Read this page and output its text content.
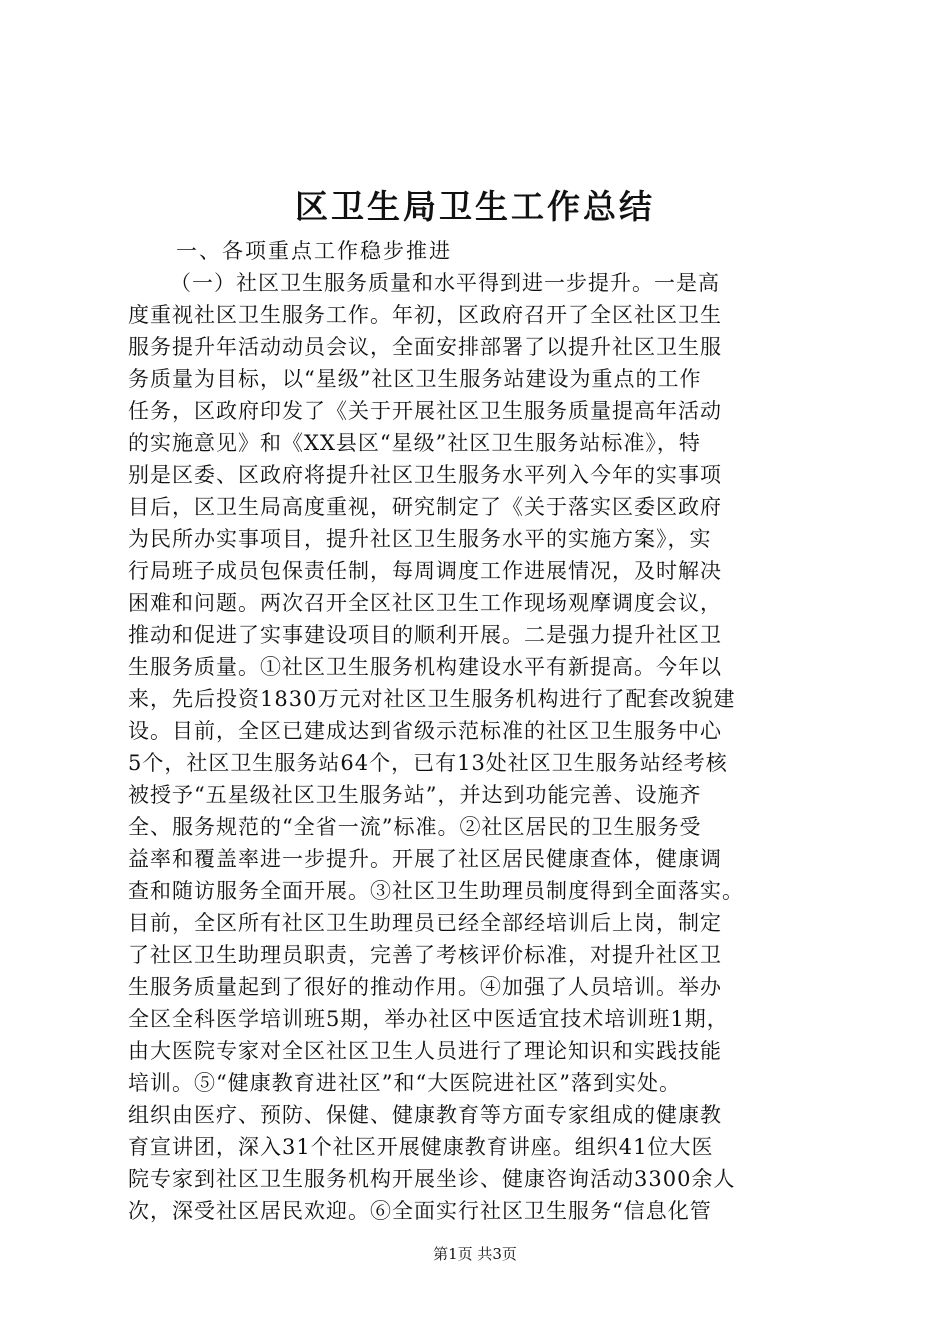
区卫生局卫生工作总结
一、各项重点工作稳步推进
（一）社区卫生服务质量和水平得到进一步提升。一是高
度重视社区卫生服务工作。年初，区政府召开了全区社区卫生
服务提升年活动动员会议，全面安排部署了以提升社区卫生服
务质量为目标，以“星级”社区卫生服务站建设为重点的工作
任务，区政府印发了《关于开展社区卫生服务质量提高年活动
的实施意见》和《XX县区“星级”社区卫生服务站标准》，特
别是区委、区政府将提升社区卫生服务水平列入今年的实事项
目后，区卫生局高度重视，研究制定了《关于落实区委区政府
为民所办实事项目，提升社区卫生服务水平的实施方案》，实
行局班子成员包保责任制，每周调度工作进展情况，及时解决
困难和问题。两次召开全区社区卫生工作现场观摩调度会议，
推动和促进了实事建设项目的顺利开展。二是强力提升社区卫
生服务质量。①社区卫生服务机构建设水平有新提高。今年以
来，先后投资1830万元对社区卫生服务机构进行了配套改貌建
设。目前，全区已建成达到省级示范标准的社区卫生服务中心
5个，社区卫生服务站64个，已有13处社区卫生服务站经考核
被授予“五星级社区卫生服务站”，并达到功能完善、设施齐
全、服务规范的“全省一流”标准。②社区居民的卫生服务受
益率和覆盖率进一步提升。开展了社区居民健康查体，健康调
查和随访服务全面开展。③社区卫生助理员制度得到全面落实。
目前，全区所有社区卫生助理员已经全部经培训后上岗，制定
了社区卫生助理员职责，完善了考核评价标准，对提升社区卫
生服务质量起到了很好的推动作用。④加强了人员培训。举办
全区全科医学培训班5期，举办社区中医适宜技术培训班1期，
由大医院专家对全区社区卫生人员进行了理论知识和实践技能
培训。⑤“健康教育进社区”和“大医院进社区”落到实处。
组织由医疗、预防、保健、健康教育等方面专家组成的健康教
育宣讲团，深入31个社区开展健康教育讲座。组织41位大医
院专家到社区卫生服务机构开展坐诊、健康咨询活动3300余人
次，深受社区居民欢迎。⑥全面实行社区卫生服务“信息化管
第1页 共3页
